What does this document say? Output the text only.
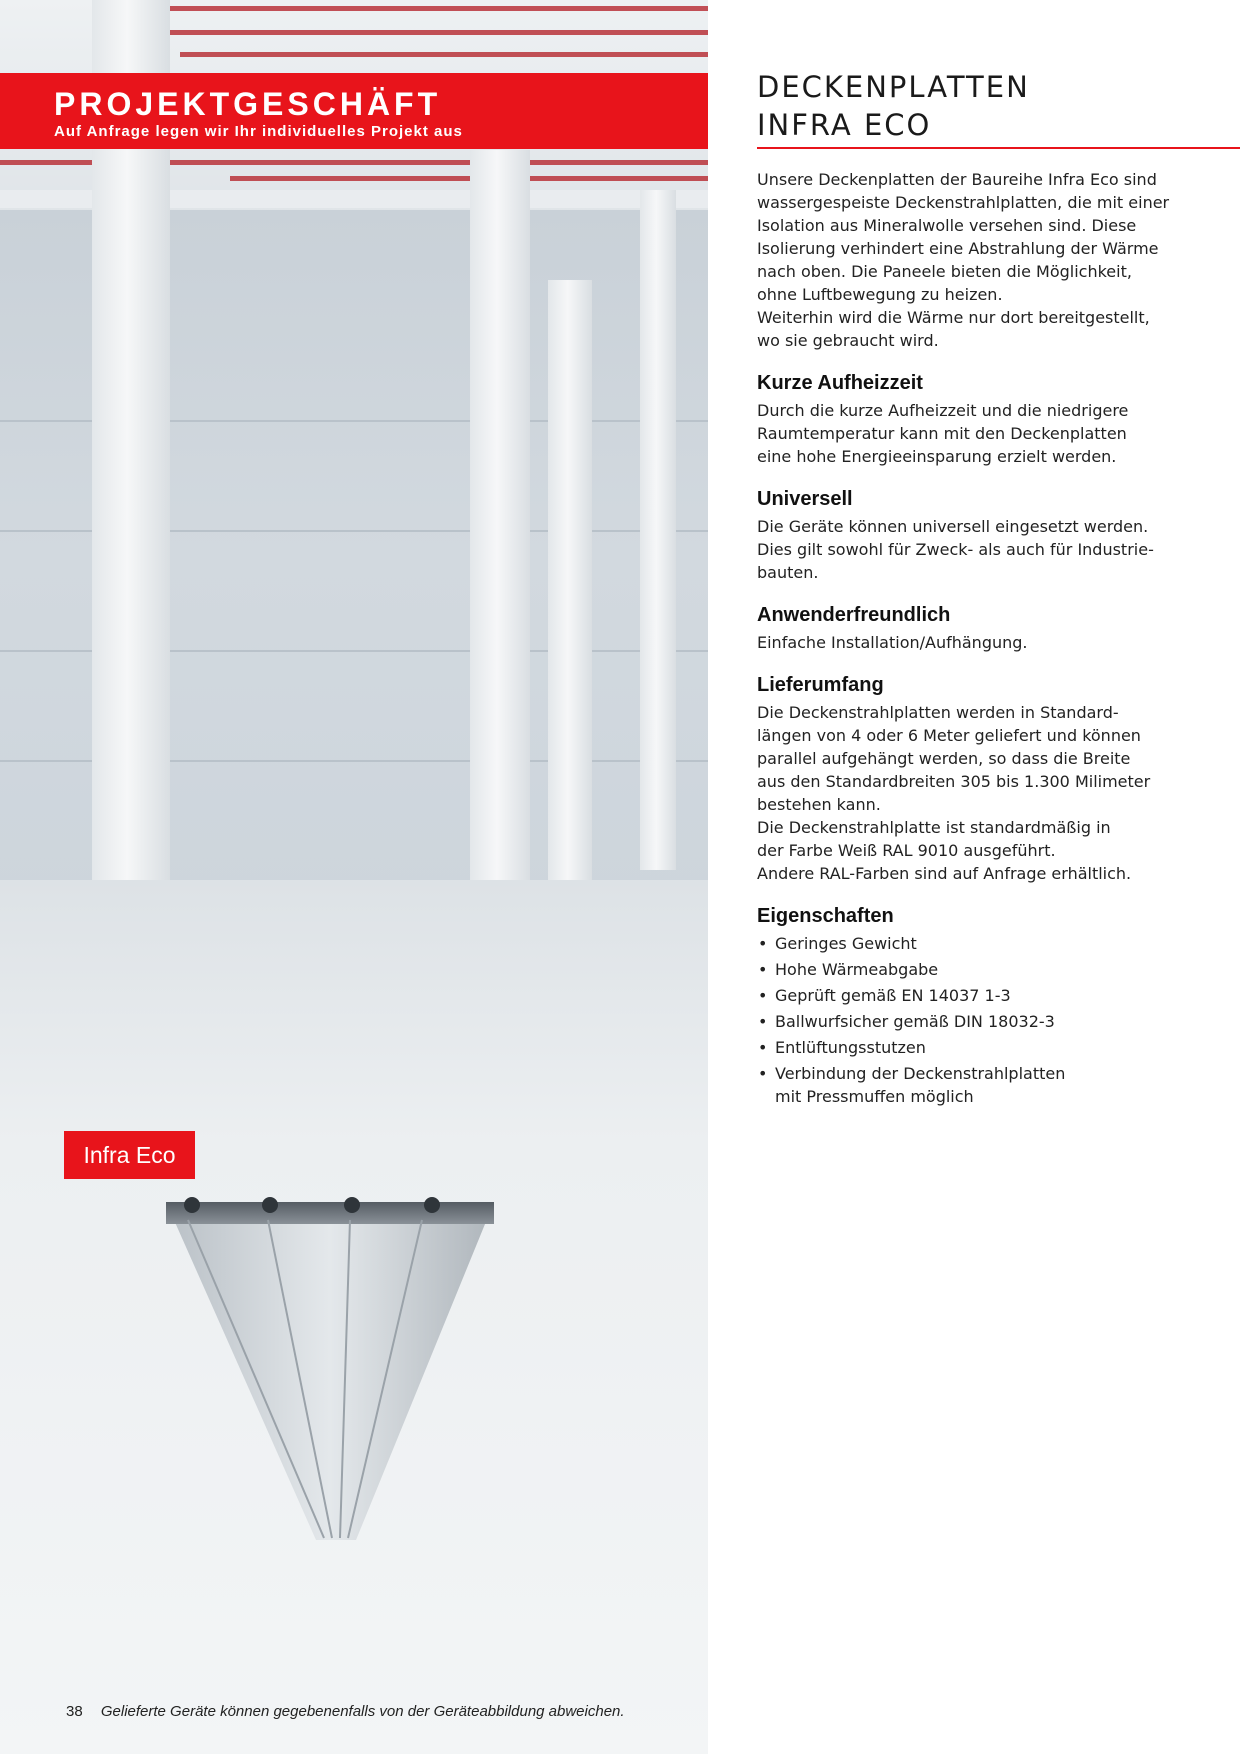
PROJEKTGESCHÄFT

Auf Anfrage legen wir Ihr individuelles Projekt aus

Infra Eco
38 Gelieferte Geräte können gegebenenfalls von der Geräteabbildung abweichen.
DECKENPLATTEN
INFRA ECO

Unsere Deckenplatten der Baureihe Infra Eco sind
wassergespeiste Deckenstrahlplatten, die mit einer
Isolation aus Mineralwolle versehen sind. Diese
Isolierung verhindert eine Abstrahlung der Wärme
nach oben. Die Paneele bieten die Möglichkeit,
ohne Luftbewegung zu heizen.
Weiterhin wird die Wärme nur dort bereitgestellt,
wo sie gebraucht wird.

Kurze Aufheizzeit

Durch die kurze Aufheizzeit und die niedrigere
Raumtemperatur kann mit den Deckenplatten
eine hohe Energieeinsparung erzielt werden.

Universell

Die Geräte können universell eingesetzt werden.
Dies gilt sowohl für Zweck- als auch für Industrie-
bauten.

Anwenderfreundlich

Einfache Installation/Aufhängung.

Lieferumfang

Die Deckenstrahlplatten werden in Standard-
längen von 4 oder 6 Meter geliefert und können
parallel aufgehängt werden, so dass die Breite
aus den Standardbreiten 305 bis 1.300 Milimeter
bestehen kann.
Die Deckenstrahlplatte ist standardmäßig in
der Farbe Weiß RAL 9010 ausgeführt.
Andere RAL-Farben sind auf Anfrage erhältlich.

Eigenschaften
• Geringes Gewicht
• Hohe Wärmeabgabe
• Geprüft gemäß EN 14037 1-3
• Ballwurfsicher gemäß DIN 18032-3
• Entlüftungsstutzen
• Verbindung der Deckenstrahlplatten
mit Pressmuffen möglich
